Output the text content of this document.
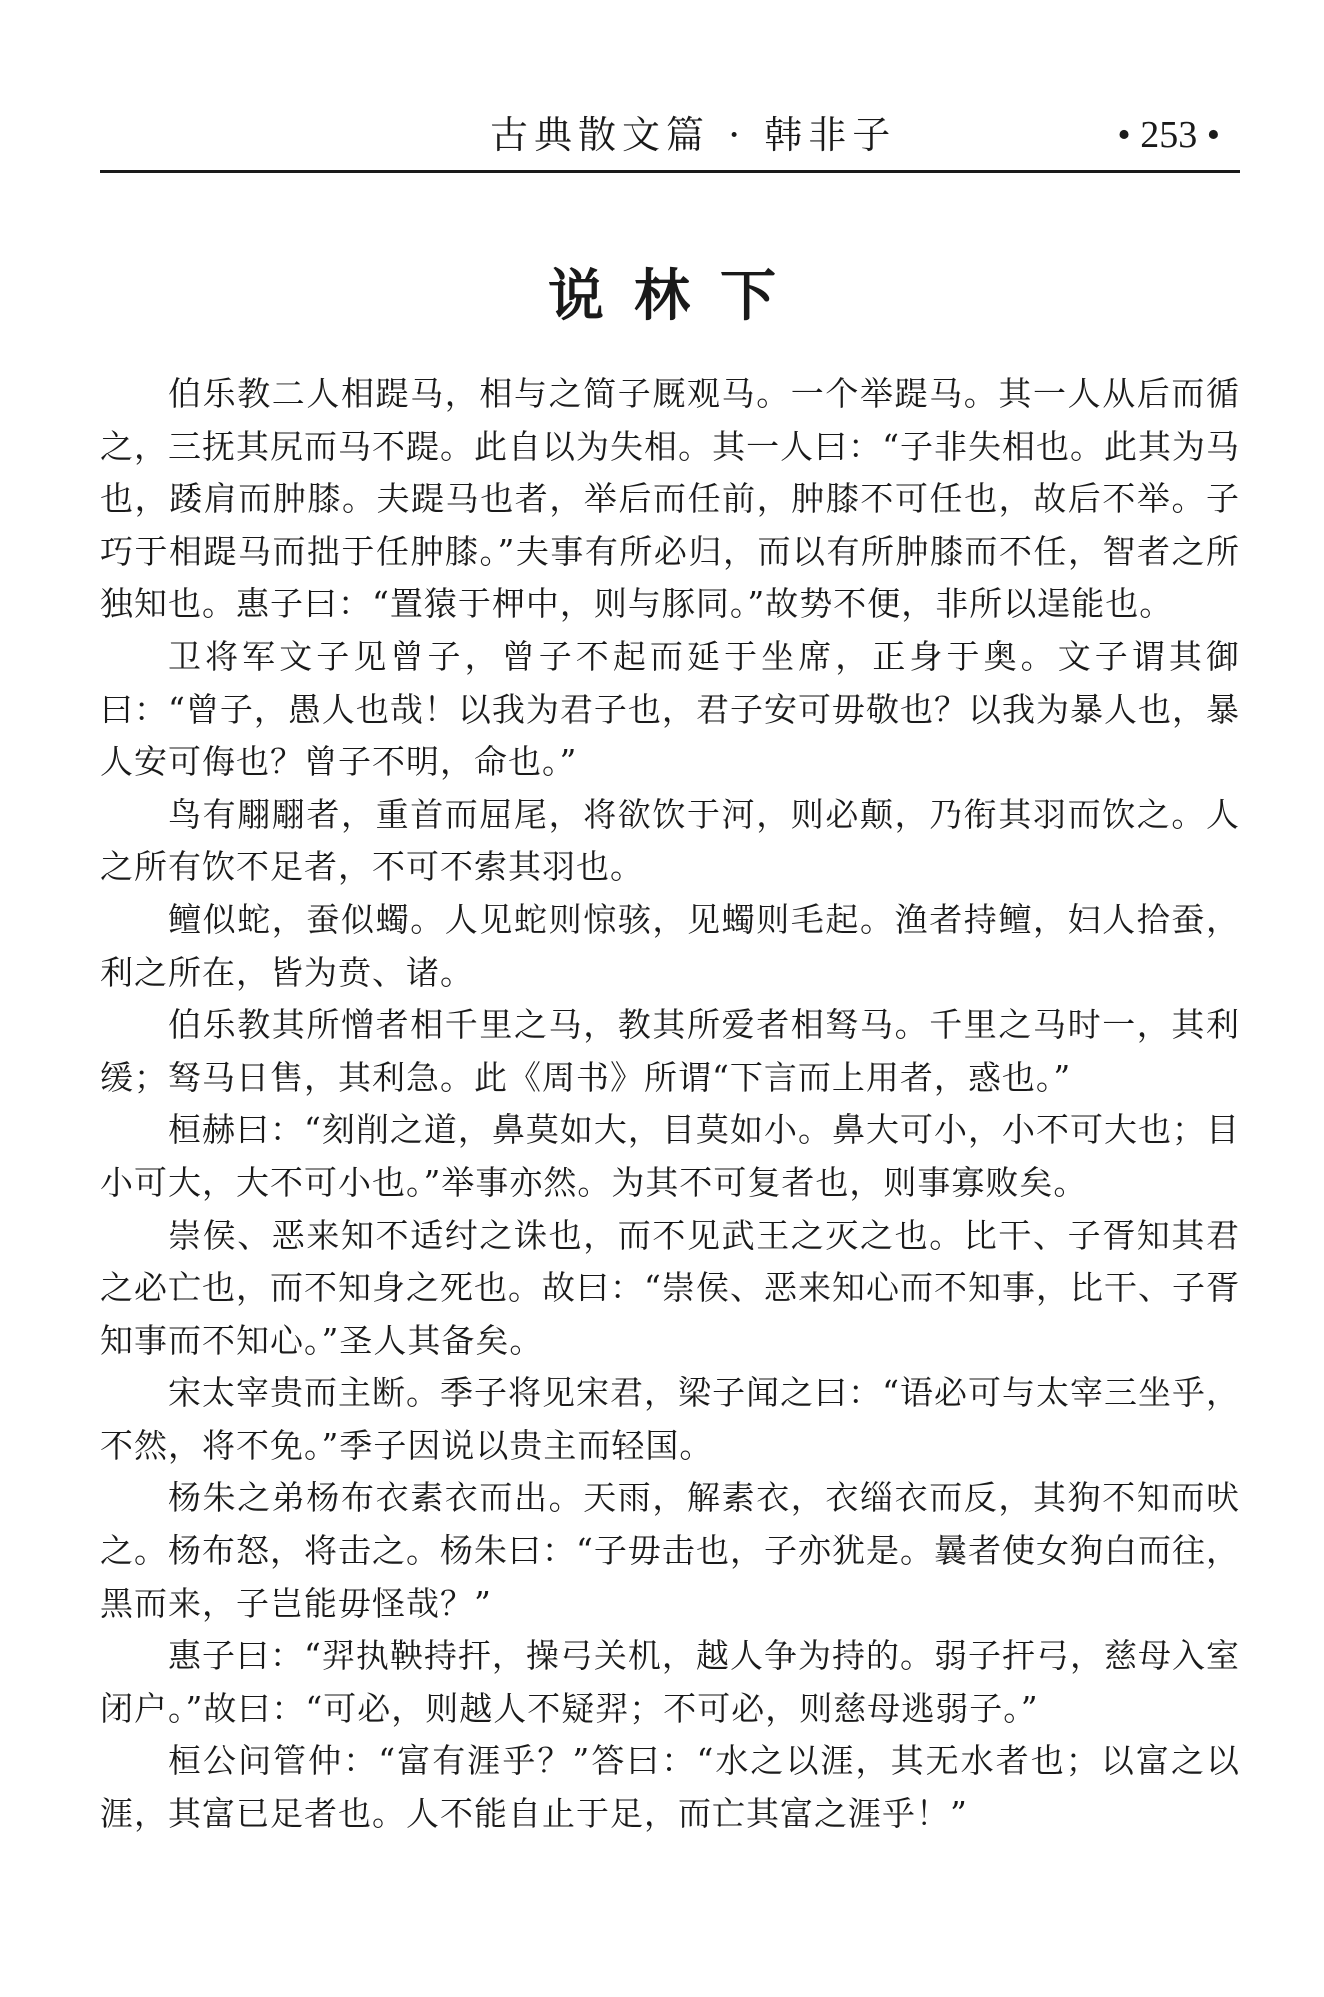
古典散文篇 · 韩非子	• 253 •
说林下

伯乐教二人相踶马，相与之简子厩观马。一个举踶马。其一人从后而循之，三抚其尻而马不踶。此自以为失相。其一人曰：“子非失相也。此其为马也，踒肩而肿膝。夫踶马也者，举后而任前，肿膝不可任也，故后不举。子巧于相踶马而拙于任肿膝。”夫事有所必归，而以有所肿膝而不任，智者之所独知也。惠子曰：“置猿于柙中，则与豚同。”故势不便，非所以逞能也。

卫将军文子见曾子，曾子不起而延于坐席，正身于奥。文子谓其御曰：“曾子，愚人也哉！以我为君子也，君子安可毋敬也？以我为暴人也，暴人安可侮也？曾子不明，命也。”

鸟有翢翢者，重首而屈尾，将欲饮于河，则必颠，乃衔其羽而饮之。人之所有饮不足者，不可不索其羽也。

鳣似蛇，蚕似蠋。人见蛇则惊骇，见蠋则毛起。渔者持鳣，妇人拾蚕，利之所在，皆为贲、诸。

伯乐教其所憎者相千里之马，教其所爱者相驽马。千里之马时一，其利缓；驽马日售，其利急。此《周书》所谓“下言而上用者，惑也。”

桓赫曰：“刻削之道，鼻莫如大，目莫如小。鼻大可小，小不可大也；目小可大，大不可小也。”举事亦然。为其不可复者也，则事寡败矣。

崇侯、恶来知不适纣之诛也，而不见武王之灭之也。比干、子胥知其君之必亡也，而不知身之死也。故曰：“崇侯、恶来知心而不知事，比干、子胥知事而不知心。”圣人其备矣。

宋太宰贵而主断。季子将见宋君，梁子闻之曰：“语必可与太宰三坐乎，不然，将不免。”季子因说以贵主而轻国。

杨朱之弟杨布衣素衣而出。天雨，解素衣，衣缁衣而反，其狗不知而吠之。杨布怒，将击之。杨朱曰：“子毋击也，子亦犹是。曩者使女狗白而往，黑而来，子岂能毋怪哉？”

惠子曰：“羿执鞅持扞，操弓关机，越人争为持的。弱子扞弓，慈母入室闭户。”故曰：“可必，则越人不疑羿；不可必，则慈母逃弱子。”

桓公问管仲：“富有涯乎？”答曰：“水之以涯，其无水者也；以富之以涯，其富已足者也。人不能自止于足，而亡其富之涯乎！”
